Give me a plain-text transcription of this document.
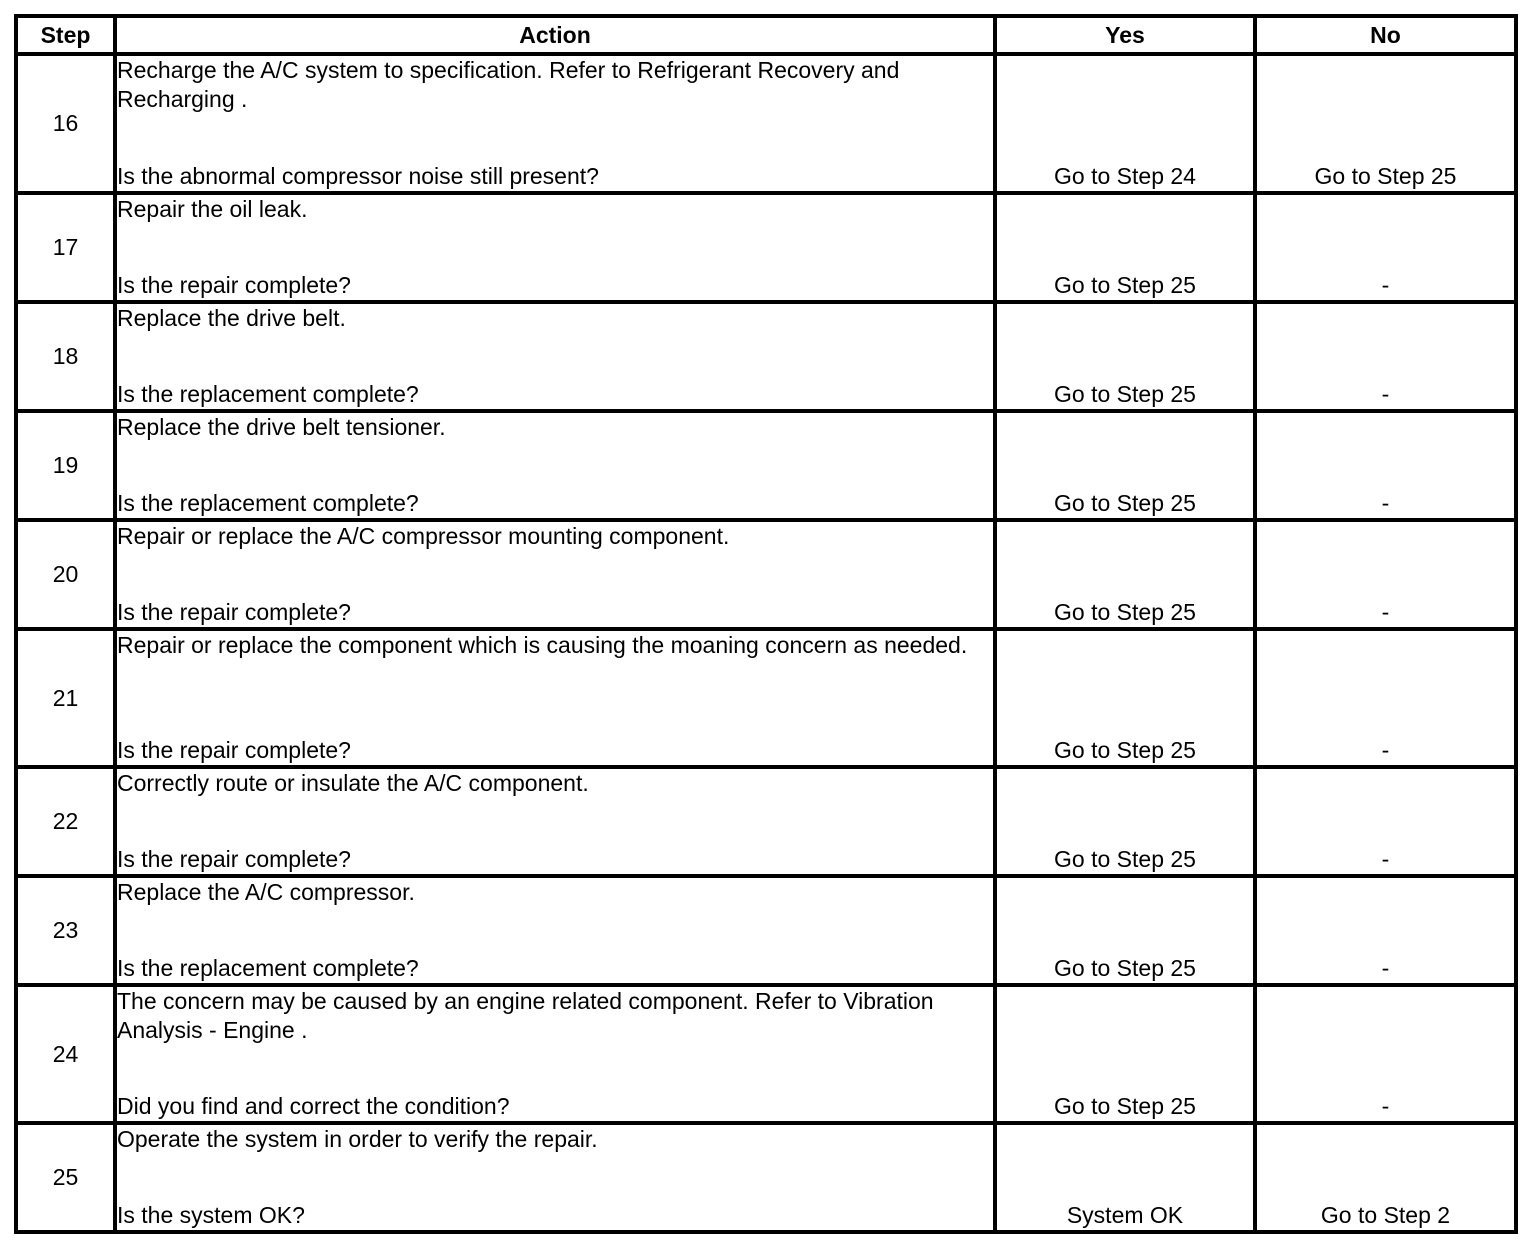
Step	Action	Yes	No
16	Recharge the A/C system to specification. Refer to Refrigerant Recovery and Recharging .
Is the abnormal compressor noise still present?	Go to Step 24	Go to Step 25
17	Repair the oil leak.
Is the repair complete?	Go to Step 25	-
18	Replace the drive belt.
Is the replacement complete?	Go to Step 25	-
19	Replace the drive belt tensioner.
Is the replacement complete?	Go to Step 25	-
20	Repair or replace the A/C compressor mounting component.
Is the repair complete?	Go to Step 25	-
21	Repair or replace the component which is causing the moaning concern as needed.
Is the repair complete?	Go to Step 25	-
22	Correctly route or insulate the A/C component.
Is the repair complete?	Go to Step 25	-
23	Replace the A/C compressor.
Is the replacement complete?	Go to Step 25	-
24	The concern may be caused by an engine related component. Refer to Vibration Analysis - Engine .
Did you find and correct the condition?	Go to Step 25	-
25	Operate the system in order to verify the repair.
Is the system OK?	System OK	Go to Step 2
